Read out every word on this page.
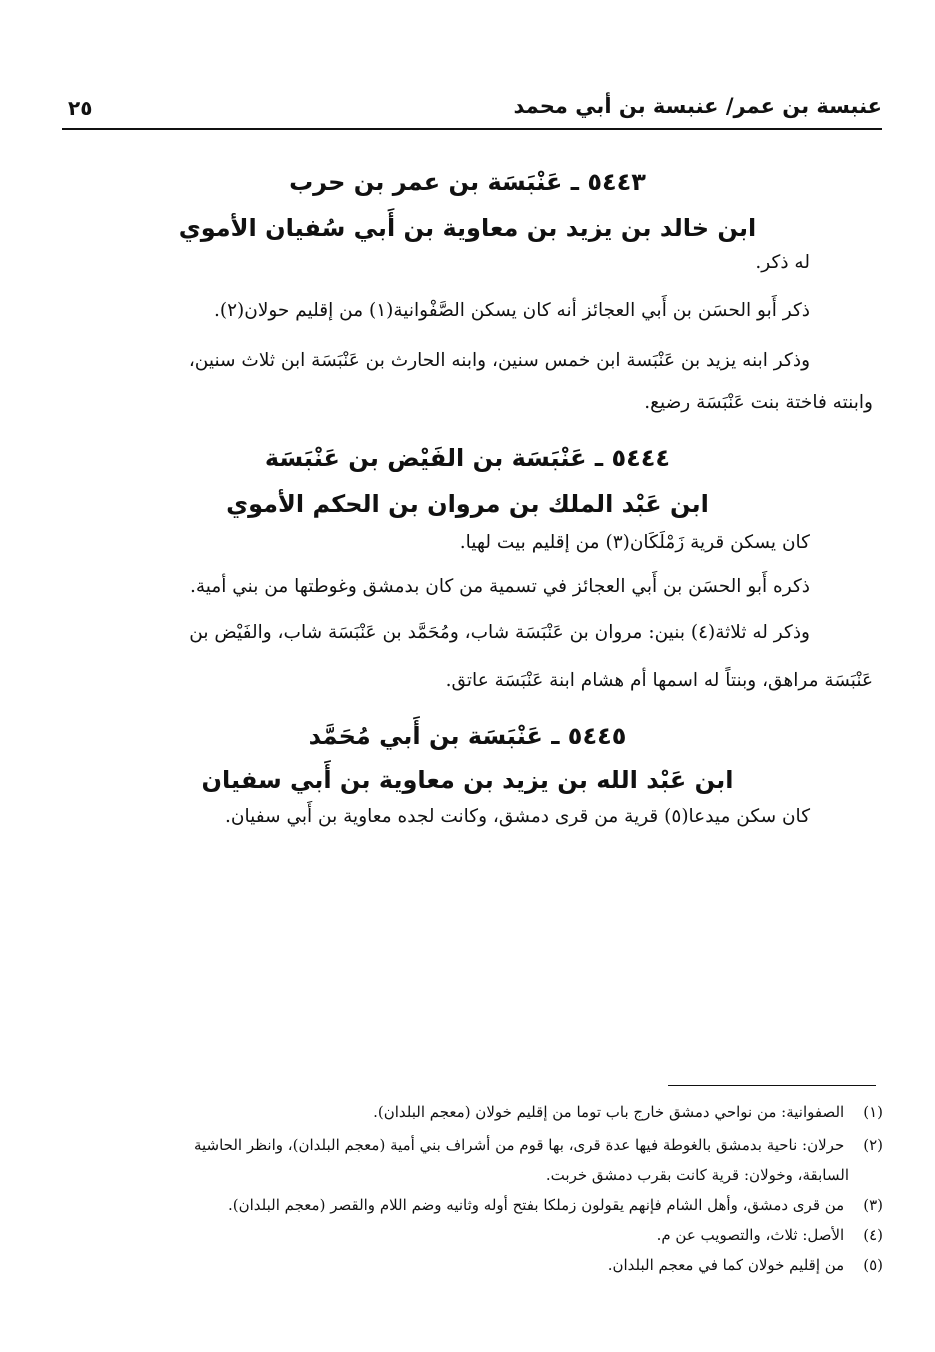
عنبسة بن عمر/ عنبسة بن أبي محمد
٢٥
٥٤٤٣ ـ عَنْبَسَة بن عمر بن حرب
ابن خالد بن يزيد بن معاوية بن أَبي سُفيان الأموي
له ذكر.
ذكر أَبو الحسَن بن أَبي العجائز أنه كان يسكن الصَّفْوانية(١) من إقليم حولان(٢).
وذكر ابنه يزيد بن عَنْبَسة ابن خمس سنين، وابنه الحارث بن عَنْبَسَة ابن ثلاث سنين،
وابنته فاختة بنت عَنْبَسَة رضيع.
٥٤٤٤ ـ عَنْبَسَة بن الفَيْض بن عَنْبَسَة
ابن عَبْد الملك بن مروان بن الحكم الأموي
كان يسكن قرية زَمْلَكَان(٣) من إقليم بيت لهيا.
ذكره أَبو الحسَن بن أَبي العجائز في تسمية من كان بدمشق وغوطتها من بني أمية.
وذكر له ثلاثة(٤) بنين: مروان بن عَنْبَسَة شاب، ومُحَمَّد بن عَنْبَسَة شاب، والفَيْض بن
عَنْبَسَة مراهق، وبنتاً له اسمها أم هشام ابنة عَنْبَسَة عاتق.
٥٤٤٥ ـ عَنْبَسَة بن أَبي مُحَمَّد
ابن عَبْد الله بن يزيد بن معاوية بن أَبي سفيان
كان سكن ميدعا(٥) قرية من قرى دمشق، وكانت لجده معاوية بن أَبي سفيان.
(١) الصفوانية: من نواحي دمشق خارج باب توما من إقليم خولان (معجم البلدان).
(٢) حرلان: ناحية بدمشق بالغوطة فيها عدة قرى، بها قوم من أشراف بني أمية (معجم البلدان)، وانظر الحاشية
السابقة، وخولان: قرية كانت بقرب دمشق خربت.
(٣) من قرى دمشق، وأهل الشام فإنهم يقولون زملكا بفتح أوله وثانيه وضم اللام والقصر (معجم البلدان).
(٤) الأصل: ثلاث، والتصويب عن م.
(٥) من إقليم خولان كما في معجم البلدان.
